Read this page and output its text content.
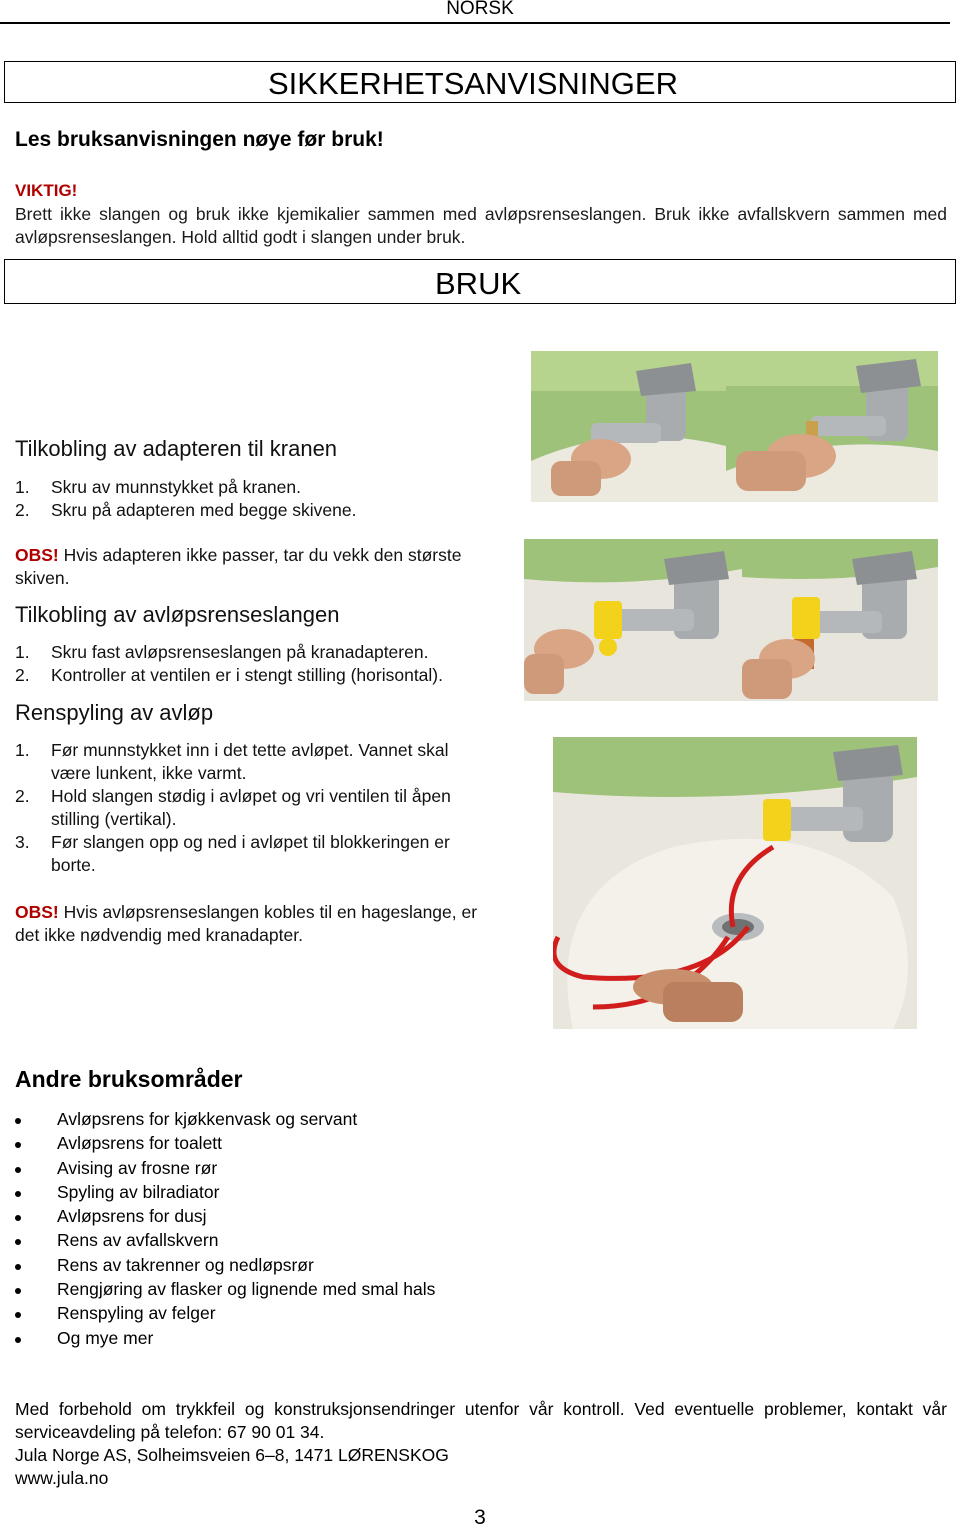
NORSK
SIKKERHETSANVISNINGER
Les bruksanvisningen nøye før bruk!
VIKTIG!
Brett ikke slangen og bruk ikke kjemikalier sammen med avløpsrenseslangen. Bruk ikke avfallskvern sammen med avløpsrenseslangen. Hold alltid godt i slangen under bruk.
BRUK
Tilkobling av adapteren til kranen
1. Skru av munnstykket på kranen.
2. Skru på adapteren med begge skivene.
OBS! Hvis adapteren ikke passer, tar du vekk den største skiven.
Tilkobling av avløpsrenseslangen
1. Skru fast avløpsrenseslangen på kranadapteren.
2. Kontroller at ventilen er i stengt stilling (horisontal).
Renspyling av avløp
1. Før munnstykket inn i det tette avløpet. Vannet skal være lunkent, ikke varmt.
2. Hold slangen stødig i avløpet og vri ventilen til åpen stilling (vertikal).
3. Før slangen opp og ned i avløpet til blokkeringen er borte.
OBS! Hvis avløpsrenseslangen kobles til en hageslange, er det ikke nødvendig med kranadapter.
Andre bruksområder
Avløpsrens for kjøkkenvask og servant
Avløpsrens for toalett
Avising av frosne rør
Spyling av bilradiator
Avløpsrens for dusj
Rens av avfallskvern
Rens av takrenner og nedløpsrør
Rengjøring av flasker og lignende med smal hals
Renspyling av felger
Og mye mer
Med forbehold om trykkfeil og konstruksjonsendringer utenfor vår kontroll. Ved eventuelle problemer, kontakt vår serviceavdeling på telefon: 67 90 01 34.
Jula Norge AS, Solheimsveien 6–8, 1471 LØRENSKOG
www.jula.no
3
